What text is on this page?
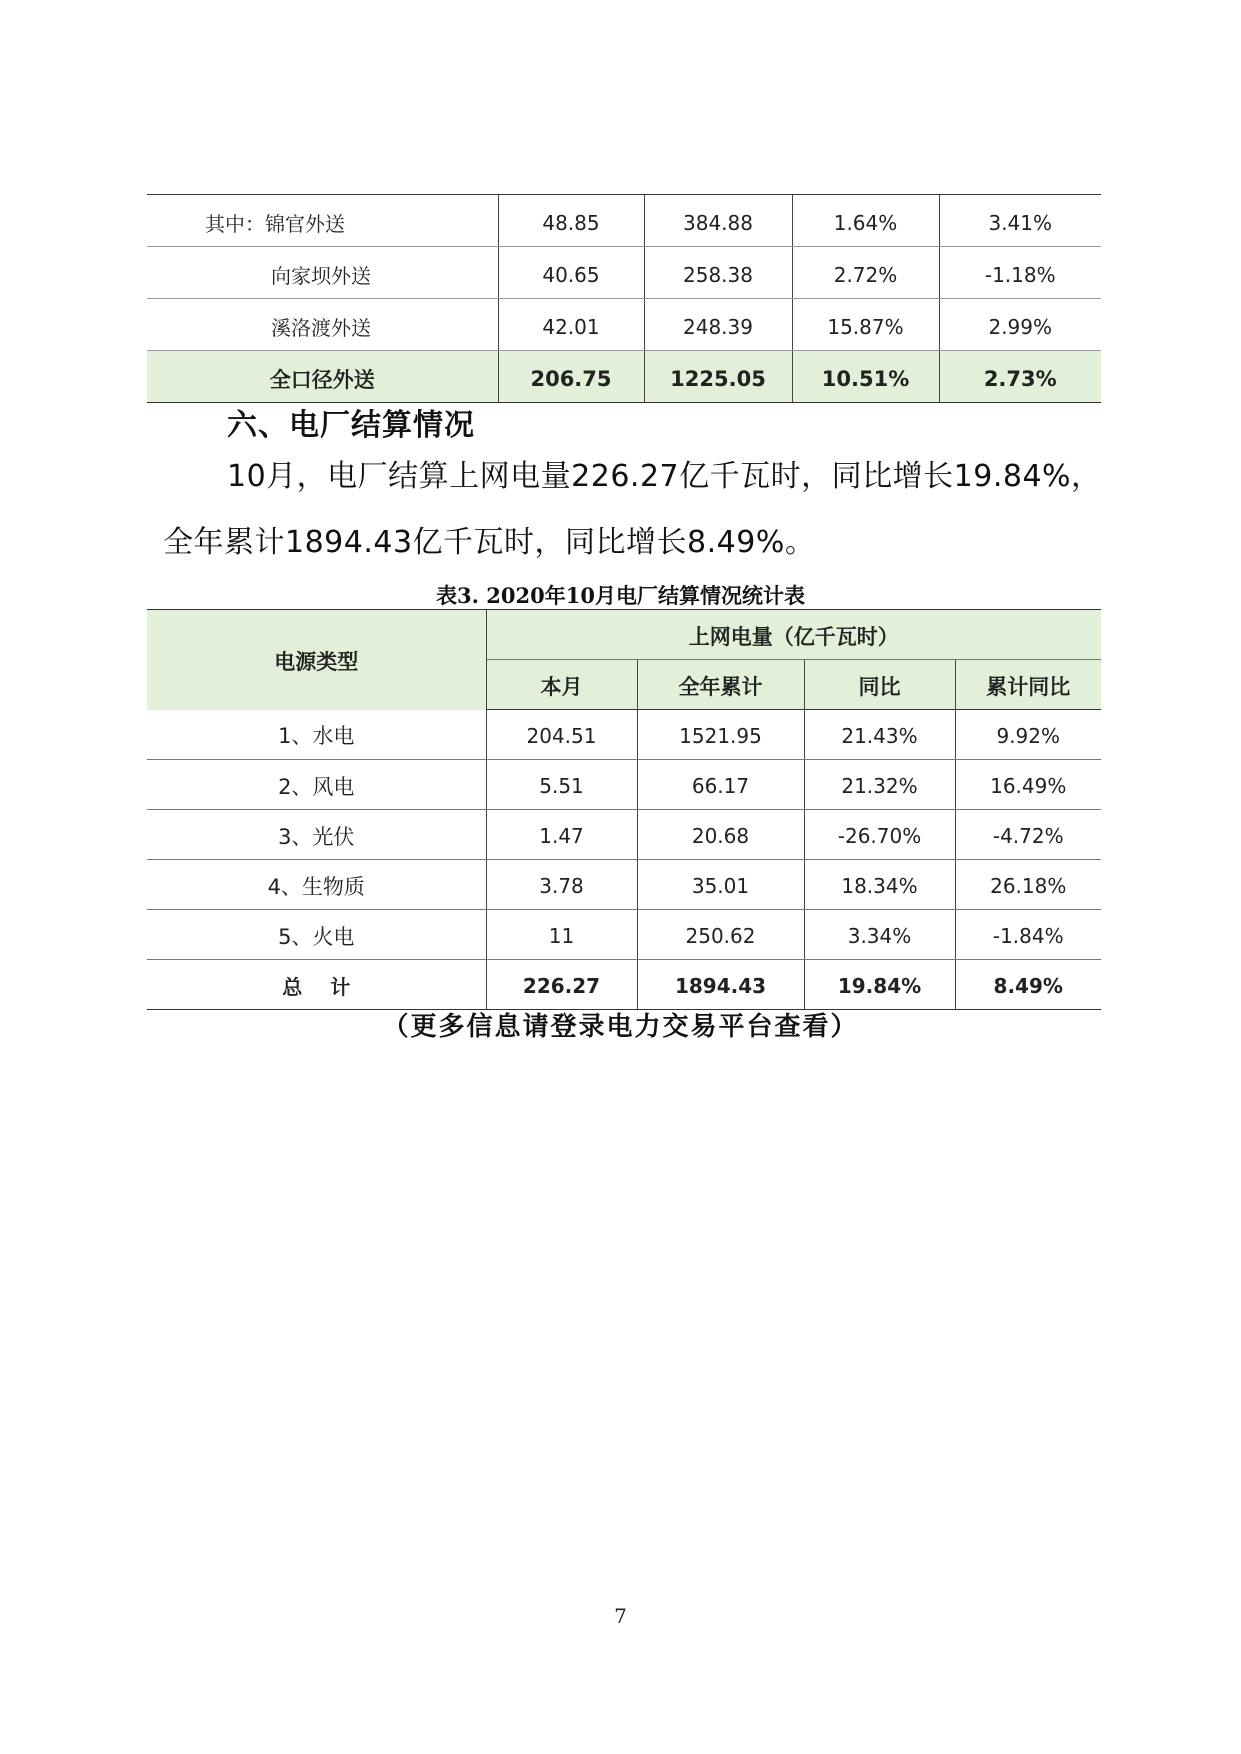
其中：锦官外送	48.85	384.88	1.64%	3.41%
向家坝外送	40.65	258.38	2.72%	-1.18%
溪洛渡外送	42.01	248.39	15.87%	2.99%
全口径外送	206.75	1225.05	10.51%	2.73%
六、电厂结算情况
10月，电厂结算上网电量226.27亿千瓦时，同比增长19.84%，
全年累计1894.43亿千瓦时，同比增长8.49%。
表3. 2020年10月电厂结算情况统计表
电源类型	上网电量（亿千瓦时）			
	本月	全年累计	同比	累计同比
1、水电	204.51	1521.95	21.43%	9.92%
2、风电	5.51	66.17	21.32%	16.49%
3、光伏	1.47	20.68	-26.70%	-4.72%
4、生物质	3.78	35.01	18.34%	26.18%
5、火电	11	250.62	3.34%	-1.84%
总计	226.27	1894.43	19.84%	8.49%
（更多信息请登录电力交易平台查看）
7
